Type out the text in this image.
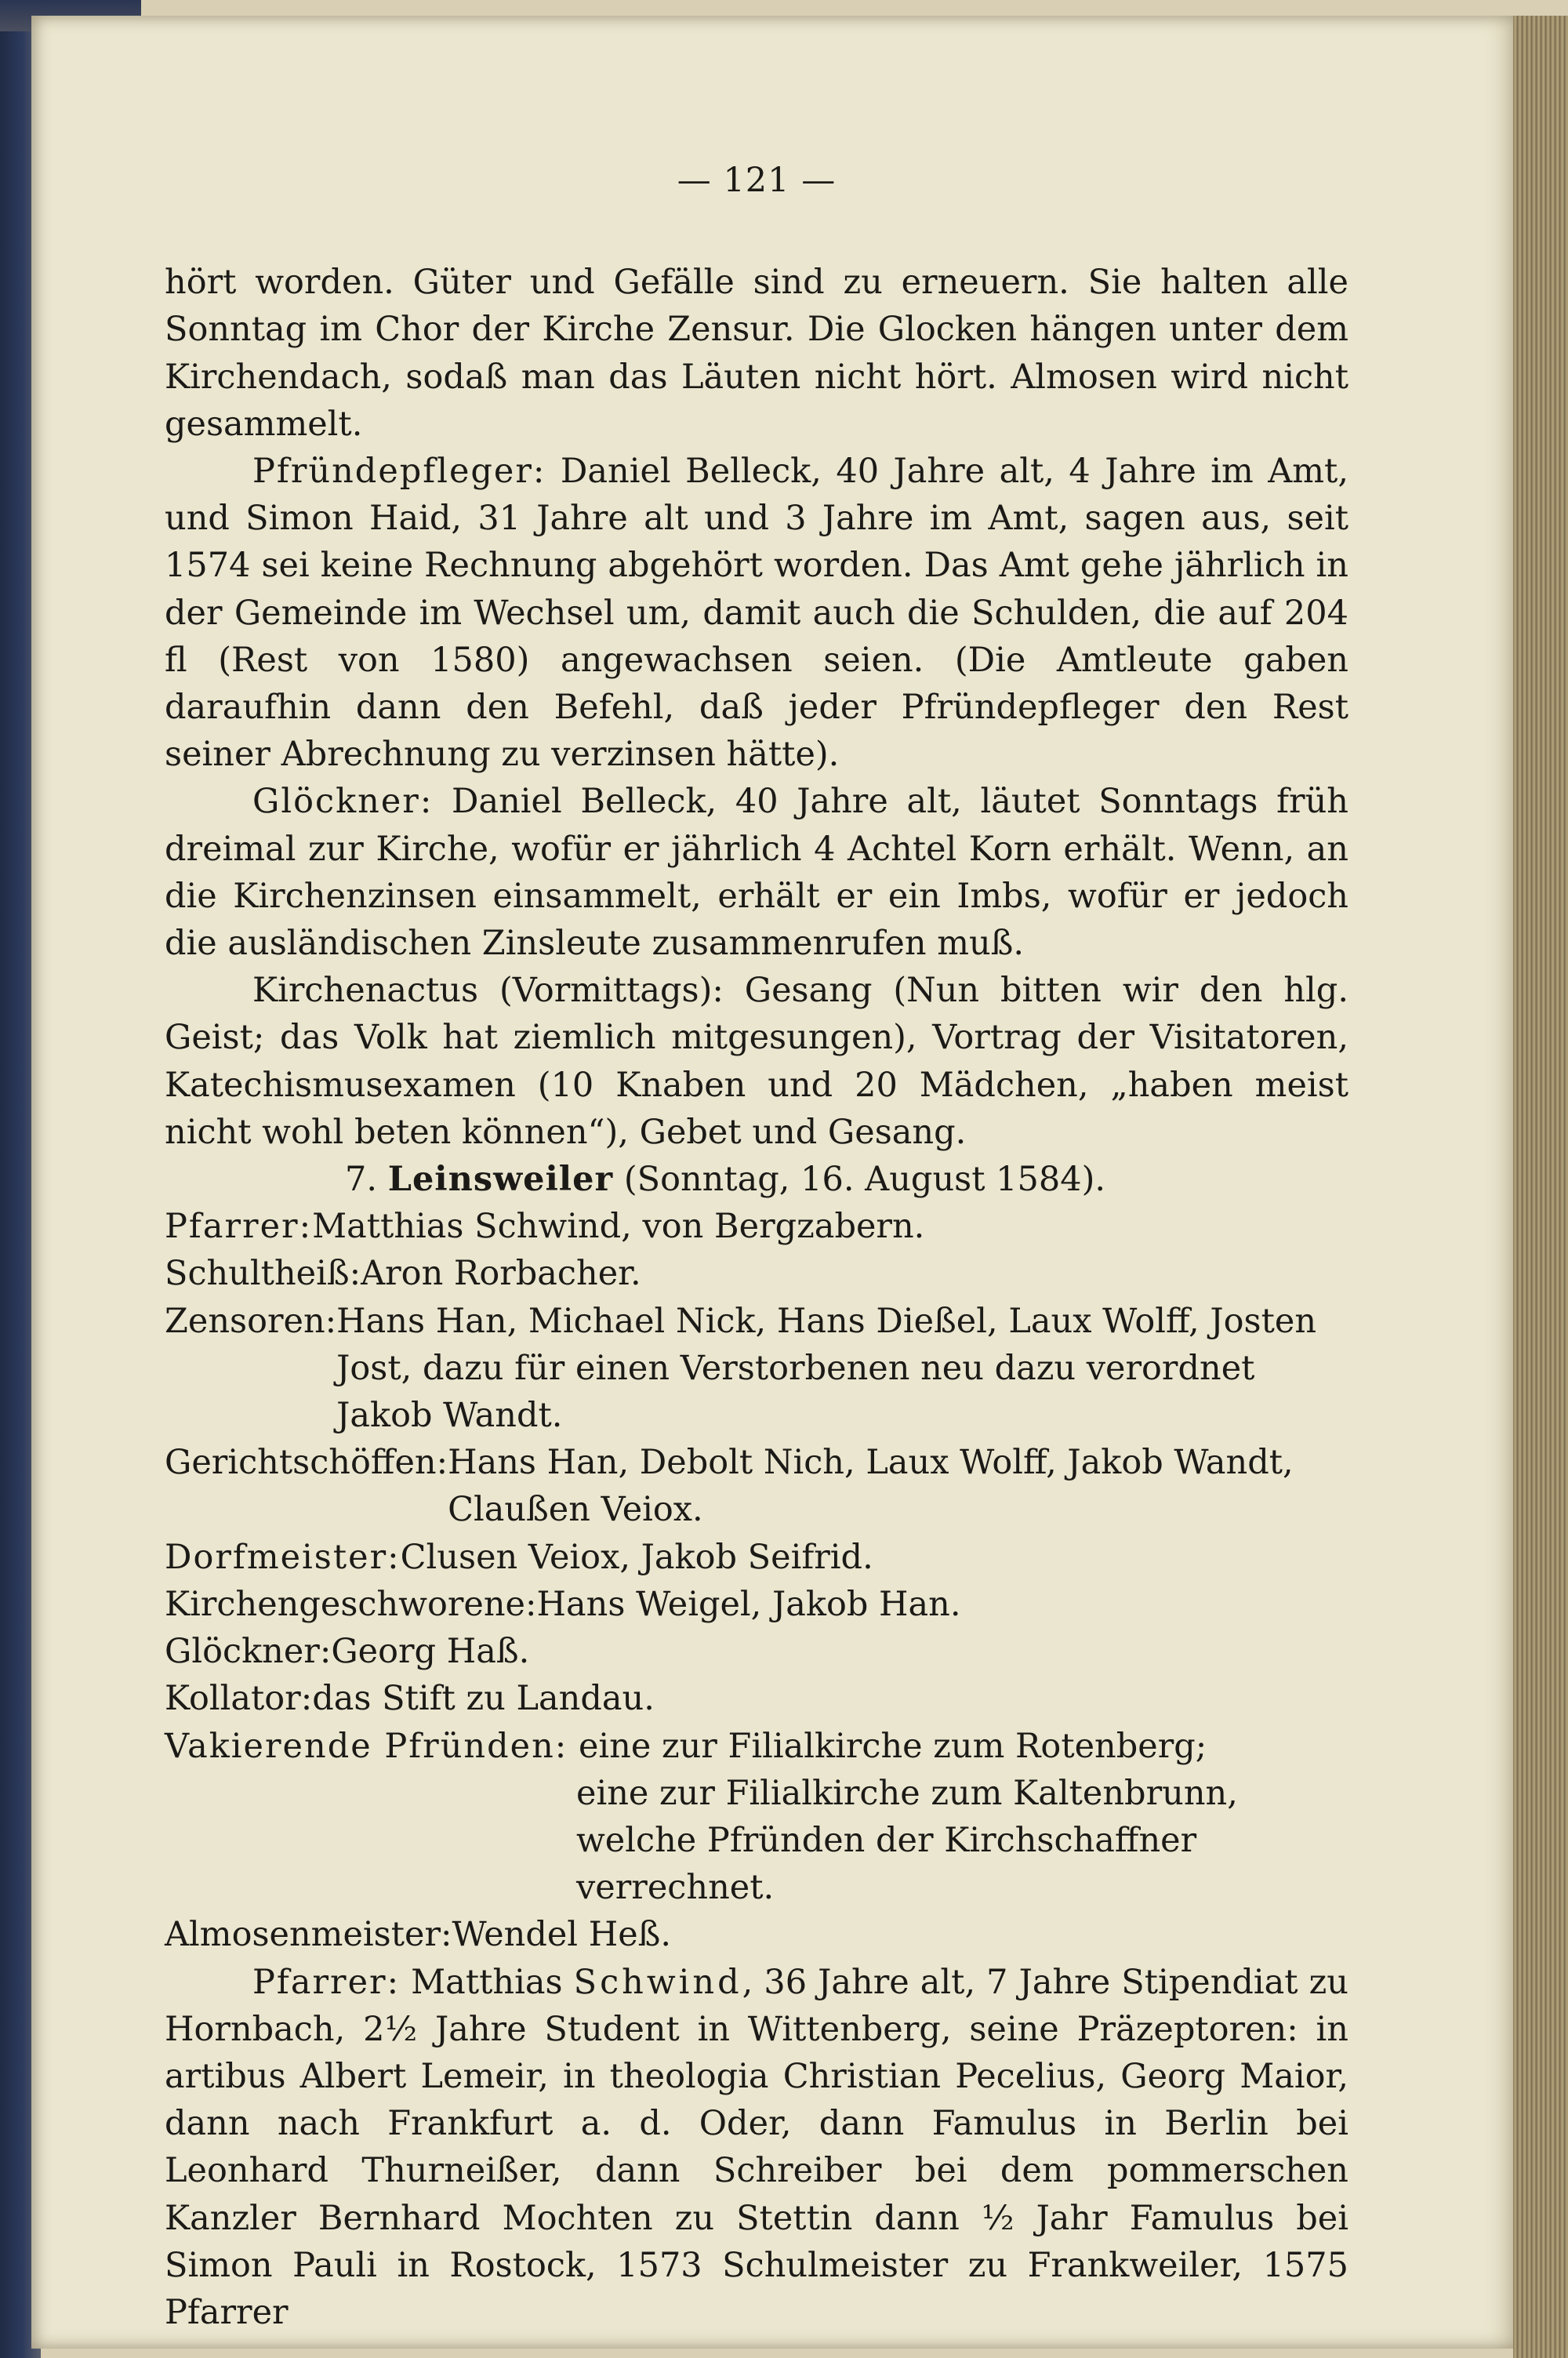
— 121 —

hört worden. Güter und Gefälle sind zu erneuern. Sie halten alle Sonntag im Chor der Kirche Zensur. Die Glocken hängen unter dem Kirchendach, sodaß man das Läuten nicht hört. Almosen wird nicht gesammelt.

Pfründepfleger: Daniel Belleck, 40 Jahre alt, 4 Jahre im Amt, und Simon Haid, 31 Jahre alt und 3 Jahre im Amt, sagen aus, seit 1574 sei keine Rechnung abgehört worden. Das Amt gehe jährlich in der Gemeinde im Wechsel um, damit auch die Schulden, die auf 204 fl (Rest von 1580) angewachsen seien. (Die Amtleute gaben daraufhin dann den Befehl, daß jeder Pfründepfleger den Rest seiner Abrechnung zu verzinsen hätte).

Glöckner: Daniel Belleck, 40 Jahre alt, läutet Sonntags früh dreimal zur Kirche, wofür er jährlich 4 Achtel Korn erhält. Wenn, an die Kirchenzinsen einsammelt, erhält er ein Imbs, wofür er jedoch die ausländischen Zinsleute zusammenrufen muß.

Kirchenactus (Vormittags): Gesang (Nun bitten wir den hlg. Geist; das Volk hat ziemlich mitgesungen), Vortrag der Visitatoren, Katechismusexamen (10 Knaben und 20 Mädchen, „haben meist nicht wohl beten können“), Gebet und Gesang.

7. Leinsweiler (Sonntag, 16. August 1584).

Pfarrer: Matthias Schwind, von Bergzabern.
Schultheiß: Aron Rorbacher.
Zensoren: Hans Han, Michael Nick, Hans Dießel, Laux Wolff, Josten Jost, dazu für einen Verstorbenen neu dazu verordnet Jakob Wandt.
Gerichtschöffen: Hans Han, Debolt Nich, Laux Wolff, Jakob Wandt, Claußen Veiox.
Dorfmeister: Clusen Veiox, Jakob Seifrid.
Kirchengeschworene: Hans Weigel, Jakob Han.
Glöckner: Georg Haß.
Kollator: das Stift zu Landau.
Vakierende Pfründen: eine zur Filialkirche zum Rotenberg;
eine zur Filialkirche zum Kaltenbrunn, welche Pfründen der Kirchschaffner verrechnet.
Almosenmeister: Wendel Heß.

Pfarrer: Matthias Schwind, 36 Jahre alt, 7 Jahre Stipendiat zu Hornbach, 2½ Jahre Student in Wittenberg, seine Präzeptoren: in artibus Albert Lemeir, in theologia Christian Pecelius, Georg Maior, dann nach Frankfurt a. d. Oder, dann Famulus in Berlin bei Leonhard Thurneißer, dann Schreiber bei dem pommerschen Kanzler Bernhard Mochten zu Stettin dann ½ Jahr Famulus bei Simon Pauli in Rostock, 1573 Schulmeister zu Frankweiler, 1575 Pfarrer
